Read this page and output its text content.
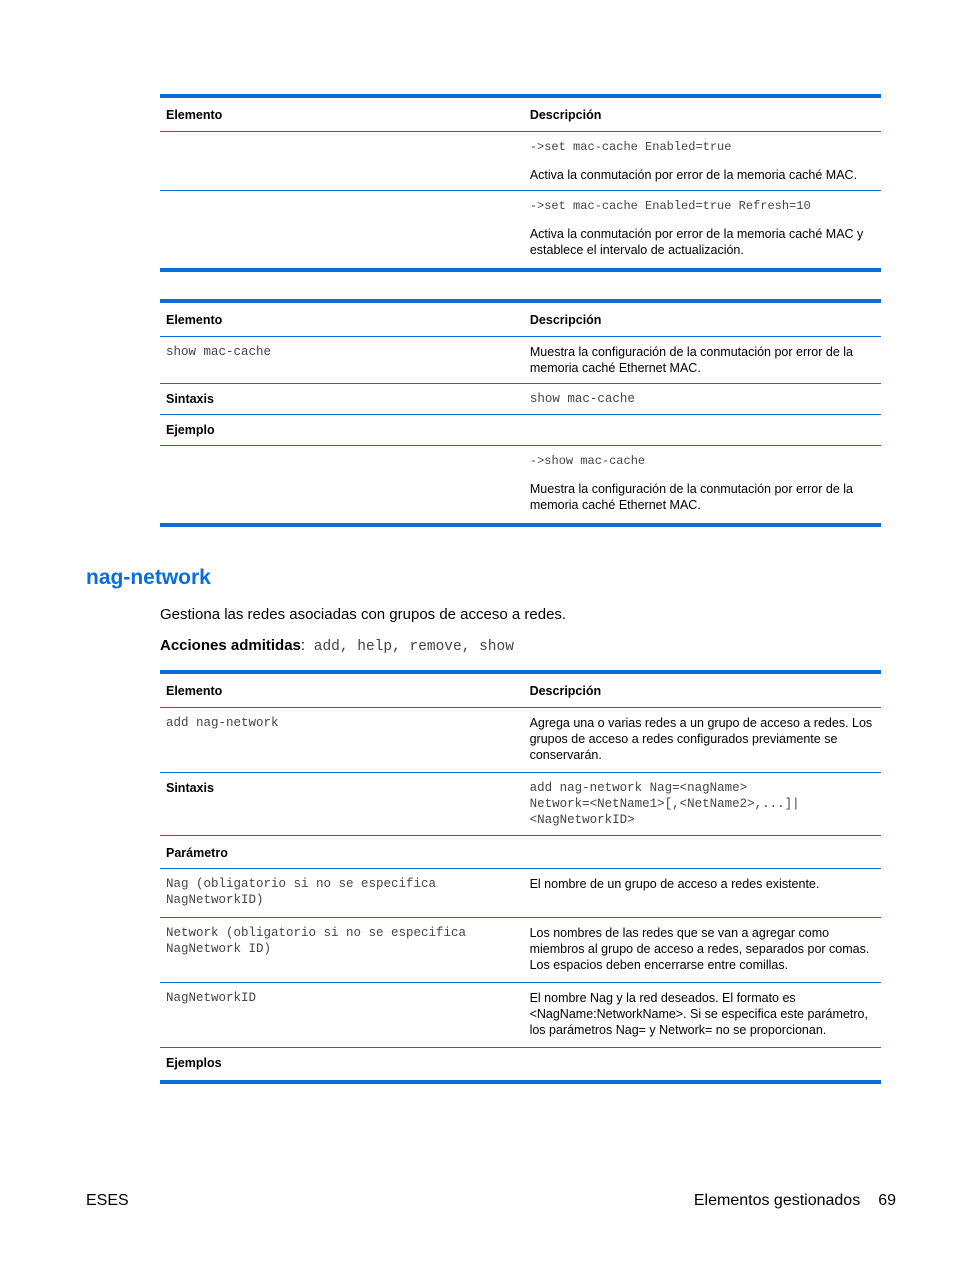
Elemento	Descripción

	->set mac-cache Enabled=true
Activa la conmutación por error de la memoria caché MAC.

	->set mac-cache Enabled=true Refresh=10
Activa la conmutación por error de la memoria caché MAC y establece el intervalo de actualización.
Elemento	Descripción
show mac-cache	Muestra la configuración de la conmutación por error de la memoria caché Ethernet MAC.
Sintaxis	show mac-cache
Ejemplo	

	->show mac-cache
Muestra la configuración de la conmutación por error de la memoria caché Ethernet MAC.
nag-network

Gestiona las redes asociadas con grupos de acceso a redes.

Acciones admitidas: add, help, remove, show

Elemento	Descripción
add nag-network	Agrega una o varias redes a un grupo de acceso a redes. Los grupos de acceso a redes configurados previamente se conservarán.
Sintaxis	add nag-network Nag=<nagName>
Network=<NetName1>[,<NetName2>,...]|
<NagNetworkID>

Parámetro	

Nag (obligatorio si no se especifica
NagNetworkID)	El nombre de un grupo de acceso a redes existente.

Network (obligatorio si no se especifica
NagNetwork ID)	Los nombres de las redes que se van a agregar como miembros al grupo de acceso a redes, separados por comas. Los espacios deben encerrarse entre comillas.

NagNetworkID	El nombre Nag y la red deseados. El formato es <NagName:NetworkName>. Si se especifica este parámetro, los parámetros Nag= y Network= no se proporcionan.
Ejemplos	
ESES	Elementos gestionados 69
